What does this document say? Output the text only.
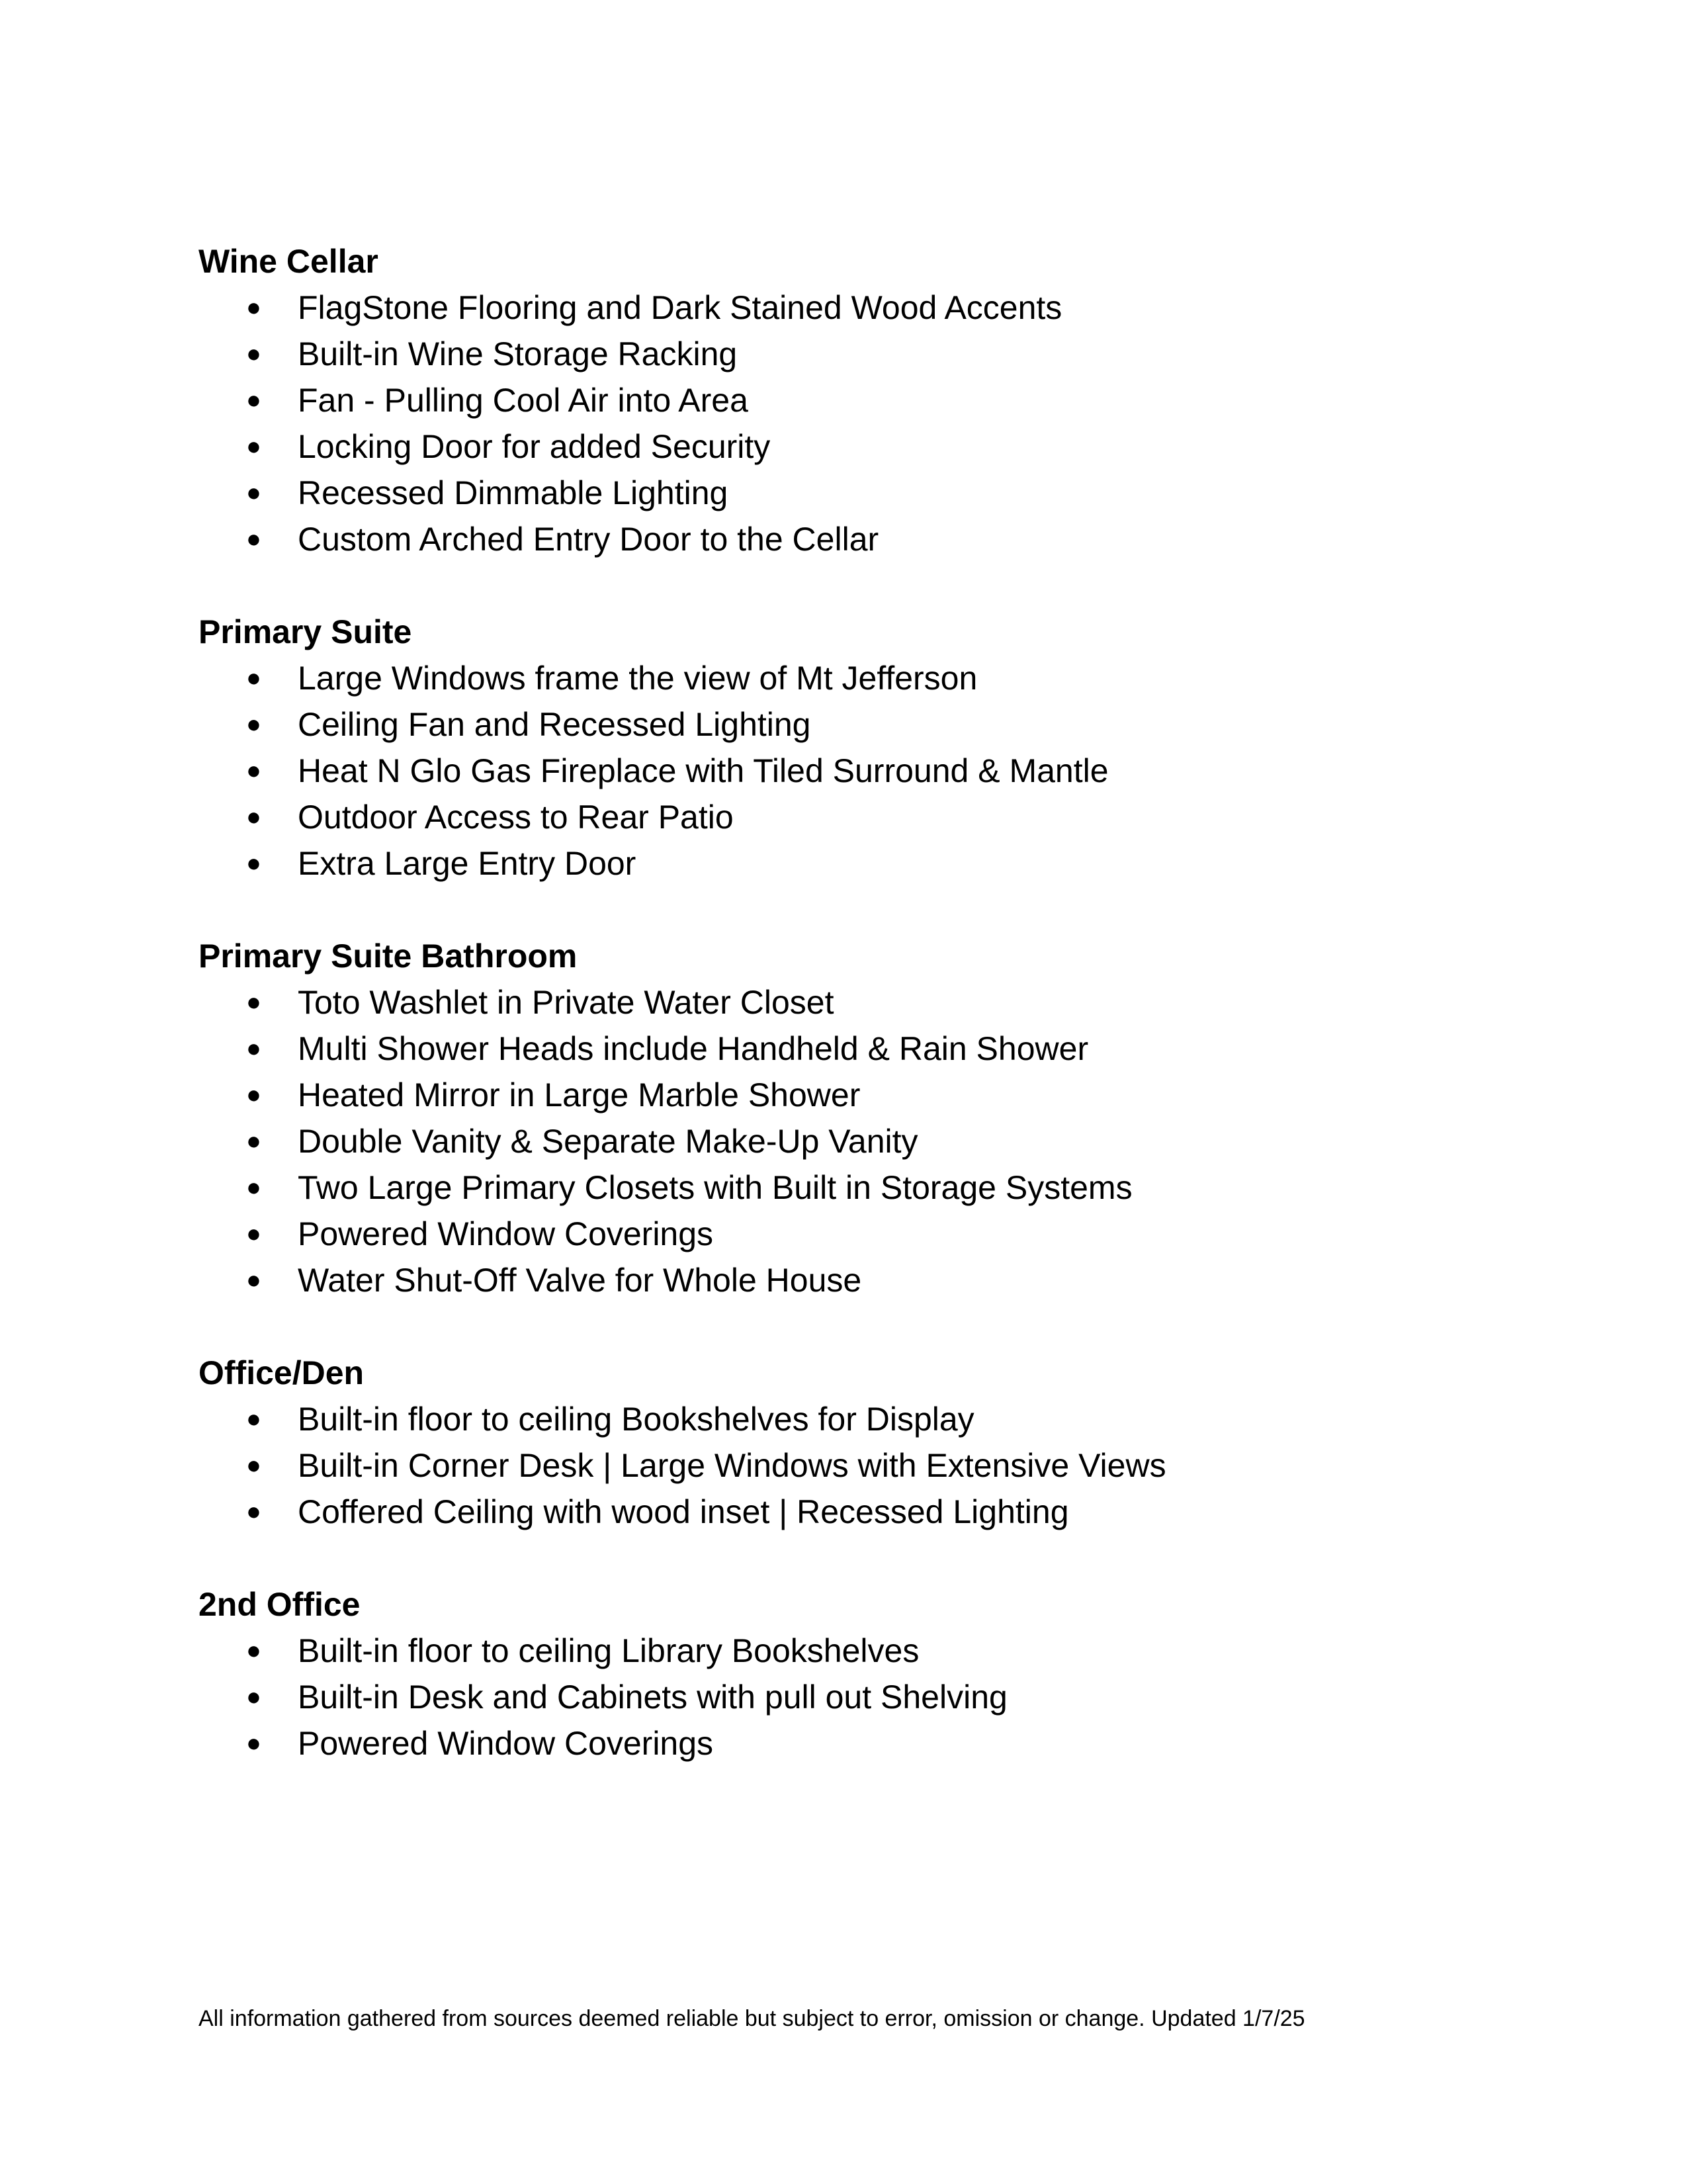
Wine Cellar
● FlagStone Flooring and Dark Stained Wood Accents
● Built-in Wine Storage Racking
● Fan - Pulling Cool Air into Area
● Locking Door for added Security
● Recessed Dimmable Lighting
● Custom Arched Entry Door to the Cellar
Primary Suite
● Large Windows frame the view of Mt Jefferson
● Ceiling Fan and Recessed Lighting
● Heat N Glo Gas Fireplace with Tiled Surround & Mantle
● Outdoor Access to Rear Patio
● Extra Large Entry Door
Primary Suite Bathroom
● Toto Washlet in Private Water Closet
● Multi Shower Heads include Handheld & Rain Shower
● Heated Mirror in Large Marble Shower
● Double Vanity & Separate Make-Up Vanity
● Two Large Primary Closets with Built in Storage Systems
● Powered Window Coverings
● Water Shut-Off Valve for Whole House
Office/Den
● Built-in floor to ceiling Bookshelves for Display
● Built-in Corner Desk | Large Windows with Extensive Views
● Coffered Ceiling with wood inset | Recessed Lighting
2nd Office
● Built-in floor to ceiling Library Bookshelves
● Built-in Desk and Cabinets with pull out Shelving
● Powered Window Coverings
All information gathered from sources deemed reliable but subject to error, omission or change. Updated 1/7/25
